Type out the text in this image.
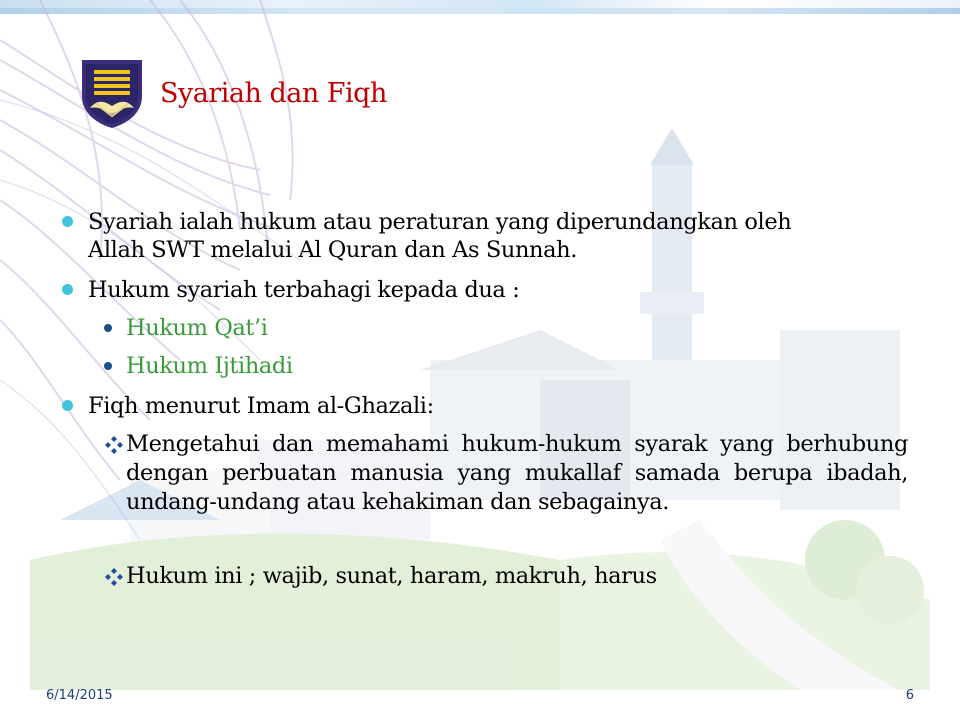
Syariah dan Fiqh
Syariah ialah hukum atau peraturan yang diperundangkan oleh
Allah SWT melalui Al Quran dan As Sunnah.
Hukum syariah terbahagi kepada dua :
Hukum Qat’i
Hukum Ijtihadi
Fiqh menurut Imam al-Ghazali:
Mengetahui dan memahami hukum-hukum syarak yang berhubung dengan perbuatan manusia yang mukallaf samada berupa ibadah, undang-undang atau kehakiman dan sebagainya.
Hukum ini ; wajib, sunat, haram, makruh, harus
6/14/2015	6
